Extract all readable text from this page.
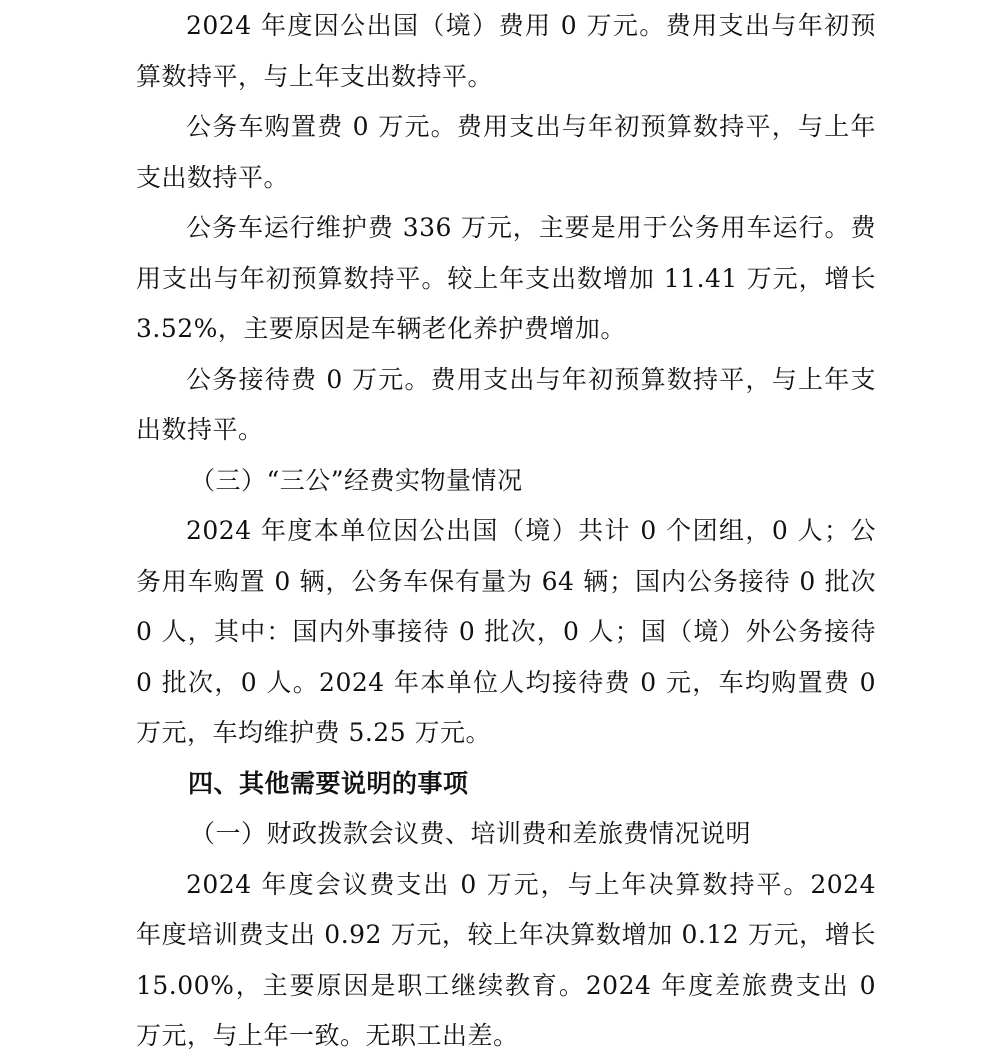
2024 年度因公出国（境）费用 0 万元。费用支出与年初预算数持平，与上年支出数持平。

公务车购置费 0 万元。费用支出与年初预算数持平，与上年支出数持平。

公务车运行维护费 336 万元，主要是用于公务用车运行。费用支出与年初预算数持平。较上年支出数增加 11.41 万元，增长 3.52%，主要原因是车辆老化养护费增加。

公务接待费 0 万元。费用支出与年初预算数持平，与上年支出数持平。

（三）“三公”经费实物量情况

2024 年度本单位因公出国（境）共计 0 个团组，0 人；公务用车购置 0 辆，公务车保有量为 64 辆；国内公务接待 0 批次 0 人，其中：国内外事接待 0 批次，0 人；国（境）外公务接待 0 批次，0 人。2024 年本单位人均接待费 0 元，车均购置费 0 万元，车均维护费 5.25 万元。

四、其他需要说明的事项

（一）财政拨款会议费、培训费和差旅费情况说明

2024 年度会议费支出 0 万元，与上年决算数持平。2024 年度培训费支出 0.92 万元，较上年决算数增加 0.12 万元，增长 15.00%，主要原因是职工继续教育。2024 年度差旅费支出 0 万元，与上年一致。无职工出差。
